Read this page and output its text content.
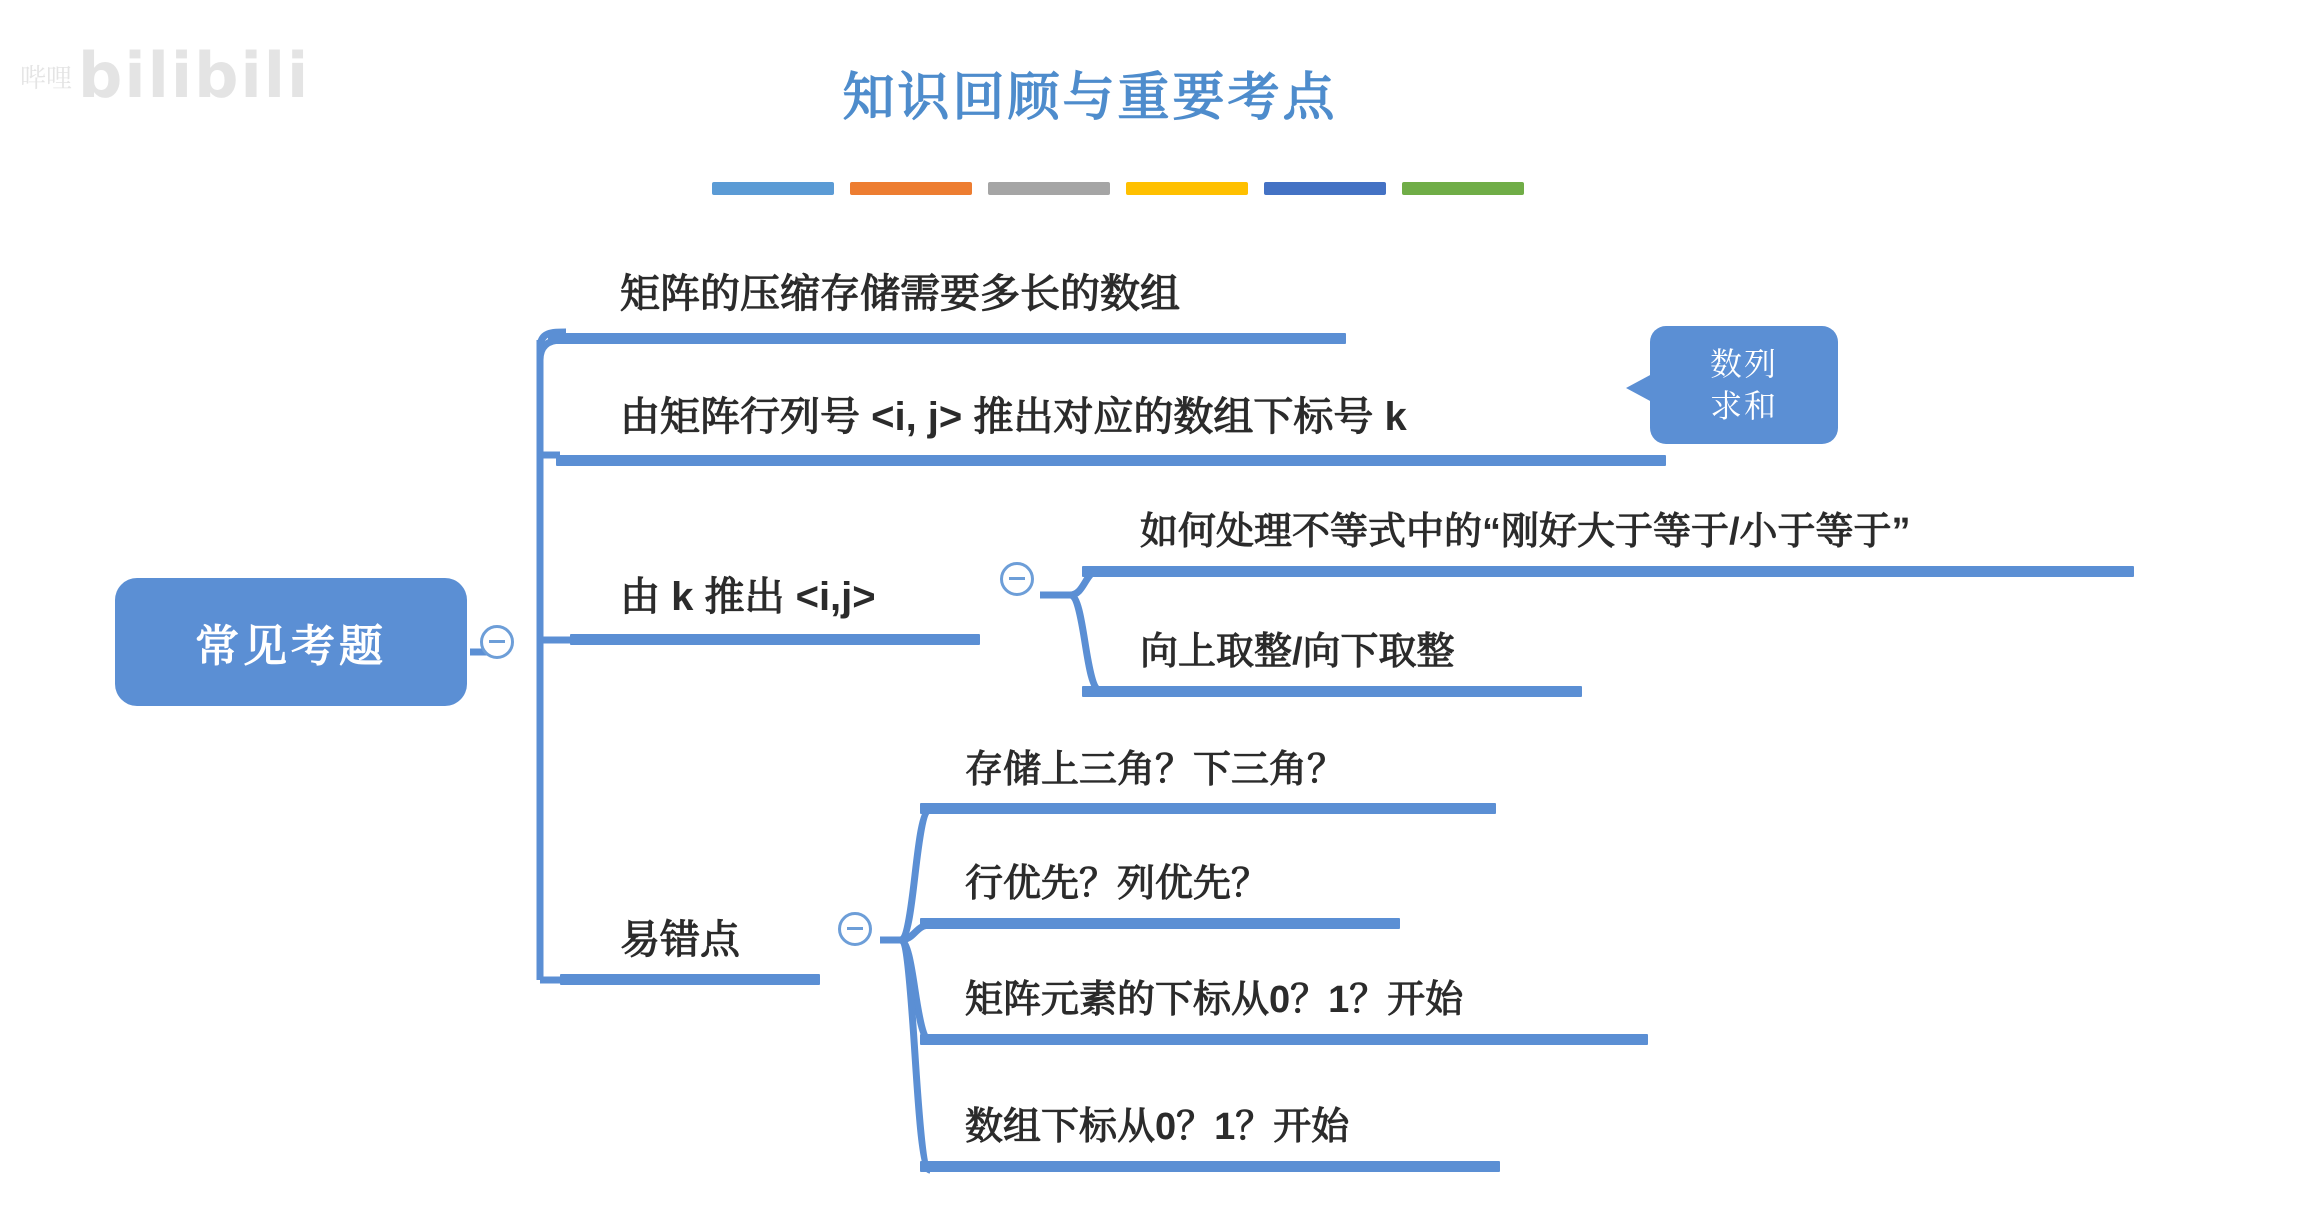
哔哩bilibili	知识回顾与重要考点
常见考题
矩阵的压缩存储需要多长的数组
由矩阵行列号 <i, j> 推出对应的数组下标号 k
数列
求和
由 k 推出 <i,j>
如何处理不等式中的“刚好大于等于/小于等于”
向上取整/向下取整
易错点
存储上三角？下三角？
行优先？列优先？
矩阵元素的下标从0？1？开始
数组下标从0？1？开始
